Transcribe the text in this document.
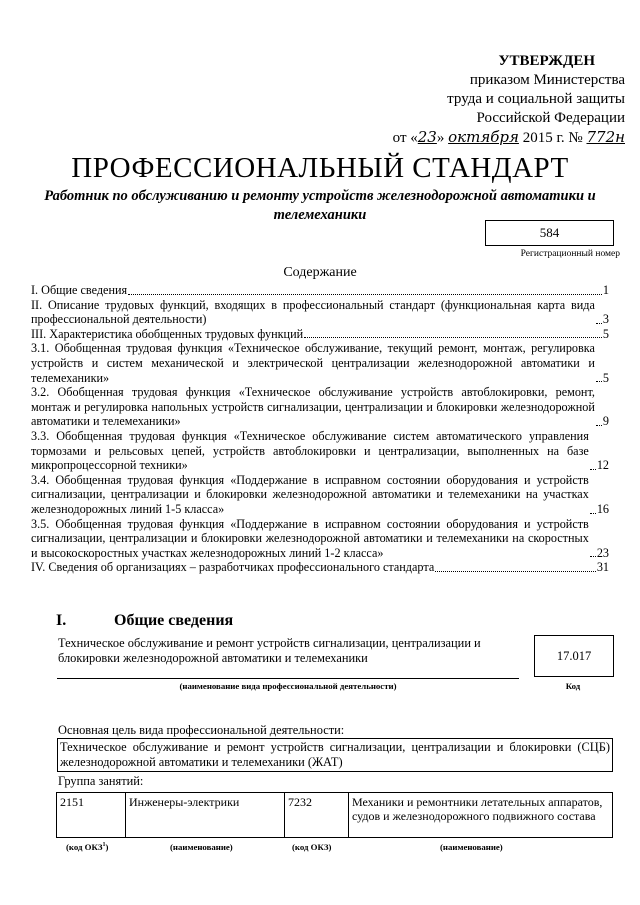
УТВЕРЖДЕН
приказом Министерства
труда и социальной защиты
Российской Федерации
от «23» октября 2015 г. № 772н
ПРОФЕССИОНАЛЬНЫЙ СТАНДАРТ
Работник по обслуживанию и ремонту устройств железнодорожной автоматики и телемеханики
584
Регистрационный номер
Содержание
I. Общие сведения	1
II. Описание трудовых функций, входящих в профессиональный стандарт (функциональная карта вида профессиональной деятельности)	3
III. Характеристика обобщенных трудовых функций	5
3.1. Обобщенная трудовая функция «Техническое обслуживание, текущий ремонт, монтаж, регулировка устройств и систем механической и электрической централизации железнодорожной автоматики и телемеханики»	5
3.2. Обобщенная трудовая функция «Техническое обслуживание устройств автоблокировки, ремонт, монтаж и регулировка напольных устройств сигнализации, централизации и блокировки железнодорожной автоматики и телемеханики»	9
3.3. Обобщенная трудовая функция «Техническое обслуживание систем автоматического управления тормозами и рельсовых цепей, устройств автоблокировки и централизации, выполненных на базе микропроцессорной техники»	12
3.4. Обобщенная трудовая функция «Поддержание в исправном состоянии оборудования и устройств сигнализации, централизации и блокировки железнодорожной автоматики и телемеханики на участках железнодорожных линий 1-5 класса»	16
3.5. Обобщенная трудовая функция «Поддержание в исправном состоянии оборудования и устройств сигнализации, централизации и блокировки железнодорожной автоматики и телемеханики на скоростных и высокоскоростных участках железнодорожных линий 1-2 класса»	23
IV. Сведения об организациях – разработчиках профессионального стандарта	31
I.	Общие сведения
Техническое обслуживание и ремонт устройств сигнализации, централизации и блокировки железнодорожной автоматики и телемеханики	17.017
(наименование вида профессиональной деятельности)	Код
Основная цель вида профессиональной деятельности:
Техническое обслуживание и ремонт устройств сигнализации, централизации и блокировки (СЦБ) железнодорожной автоматики и телемеханики (ЖАТ)
Группа занятий:
2151	Инженеры-электрики	7232	Механики и ремонтники летательных аппаратов, судов и железнодорожного подвижного состава
(код ОКЗ$^1$)	(наименование)	(код ОКЗ)	(наименование)
